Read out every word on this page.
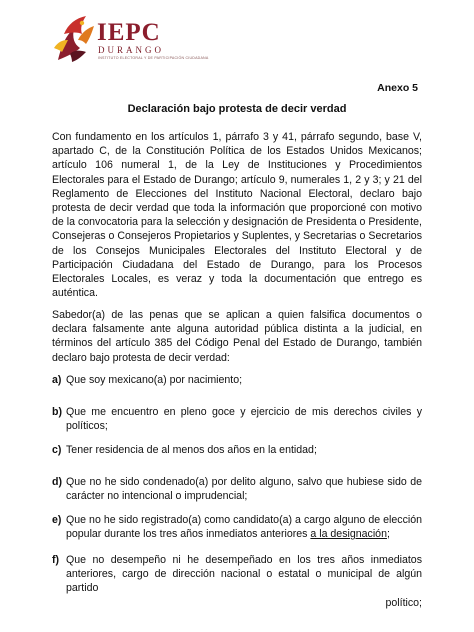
IEPC
DURANGO
INSTITUTO ELECTORAL Y DE PARTICIPACIÓN CIUDADANA
Anexo 5
Declaración bajo protesta de decir verdad
Con fundamento en los artículos 1, párrafo 3 y 41, párrafo segundo, base V, apartado C, de la Constitución Política de los Estados Unidos Mexicanos; artículo 106 numeral 1, de la Ley de Instituciones y Procedimientos Electorales para el Estado de Durango; artículo 9, numerales 1, 2 y 3; y 21 del Reglamento de Elecciones del Instituto Nacional Electoral, declaro bajo protesta de decir verdad que toda la información que proporcioné con motivo de la convocatoria para la selección y designación de Presidenta o Presidente, Consejeras o Consejeros Propietarios y Suplentes, y Secretarias o Secretarios de los Consejos Municipales Electorales del Instituto Electoral y de Participación Ciudadana del Estado de Durango, para los Procesos Electorales Locales, es veraz y toda la documentación que entrego es auténtica.
Sabedor(a) de las penas que se aplican a quien falsifica documentos o declara falsamente ante alguna autoridad pública distinta a la judicial, en términos del artículo 385 del Código Penal del Estado de Durango, también declaro bajo protesta de decir verdad:
a) Que soy mexicano(a) por nacimiento;
b) Que me encuentro en pleno goce y ejercicio de mis derechos civiles y políticos;
c) Tener residencia de al menos dos años en la entidad;
d) Que no he sido condenado(a) por delito alguno, salvo que hubiese sido de carácter no intencional o imprudencial;
e) Que no he sido registrado(a) como candidato(a) a cargo alguno de elección popular durante los tres años inmediatos anteriores a la designación;
f) Que no desempeño ni he desempeñado en los tres años inmediatos anteriores, cargo de dirección nacional o estatal o municipal de algún partido
político;
